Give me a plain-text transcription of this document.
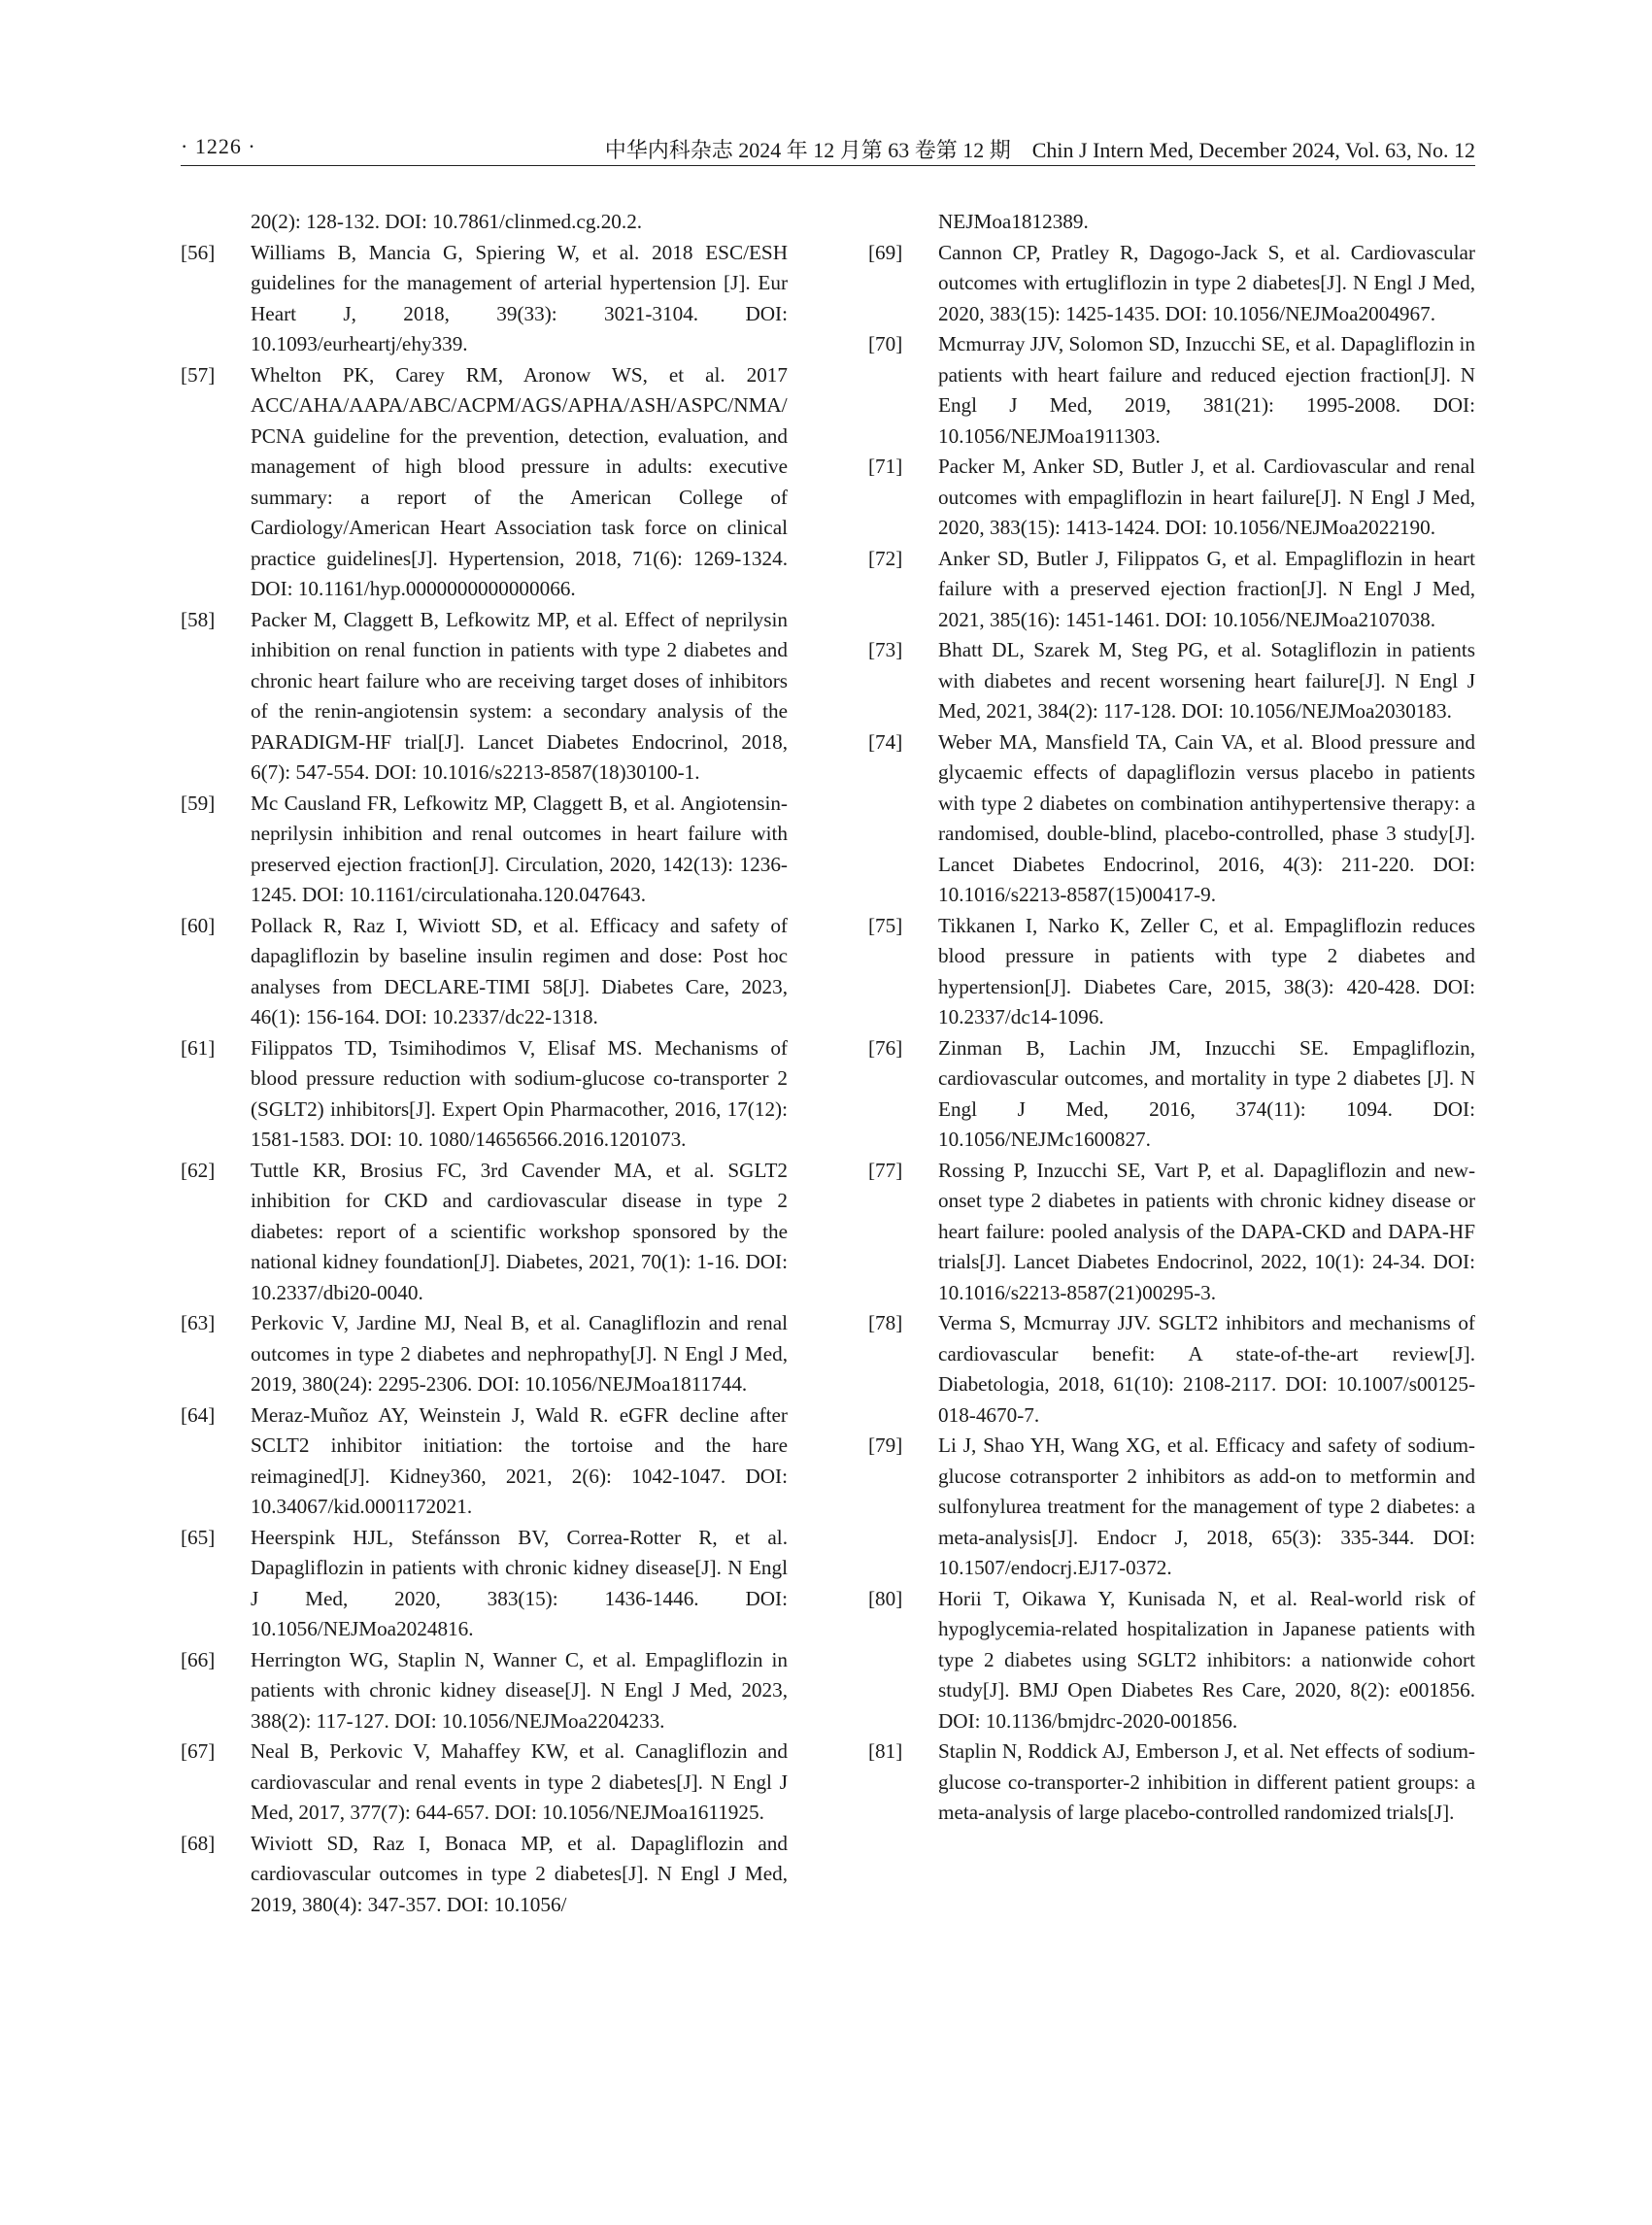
· 1226 ·	中华内科杂志 2024 年 12 月第 63 卷第 12 期　Chin J Intern Med, December 2024, Vol. 63, No. 12
20(2): 128-132. DOI: 10.7861/clinmed.cg.20.2.
[56]	Williams B, Mancia G, Spiering W, et al. 2018 ESC/ESH guidelines for the management of arterial hypertension [J]. Eur Heart J, 2018, 39(33): 3021-3104. DOI: 10.1093/eurheartj/ehy339.
[57]	Whelton PK, Carey RM, Aronow WS, et al. 2017 ACC/AHA/AAPA/ABC/ACPM/AGS/APHA/ASH/ASPC/NMA/PCNA guideline for the prevention, detection, evaluation, and management of high blood pressure in adults: executive summary: a report of the American College of Cardiology/American Heart Association task force on clinical practice guidelines[J]. Hypertension, 2018, 71(6): 1269-1324. DOI: 10.1161/hyp.0000000000000066.
[58]	Packer M, Claggett B, Lefkowitz MP, et al. Effect of neprilysin inhibition on renal function in patients with type 2 diabetes and chronic heart failure who are receiving target doses of inhibitors of the renin-angiotensin system: a secondary analysis of the PARADIGM-HF trial[J]. Lancet Diabetes Endocrinol, 2018, 6(7): 547-554. DOI: 10.1016/s2213-8587(18)30100-1.
[59]	Mc Causland FR, Lefkowitz MP, Claggett B, et al. Angiotensin-neprilysin inhibition and renal outcomes in heart failure with preserved ejection fraction[J]. Circulation, 2020, 142(13): 1236-1245. DOI: 10.1161/circulationaha.120.047643.
[60]	Pollack R, Raz I, Wiviott SD, et al. Efficacy and safety of dapagliflozin by baseline insulin regimen and dose: Post hoc analyses from DECLARE-TIMI 58[J]. Diabetes Care, 2023, 46(1): 156-164. DOI: 10.2337/dc22-1318.
[61]	Filippatos TD, Tsimihodimos V, Elisaf MS. Mechanisms of blood pressure reduction with sodium-glucose co-transporter 2 (SGLT2) inhibitors[J]. Expert Opin Pharmacother, 2016, 17(12): 1581-1583. DOI: 10. 1080/14656566.2016.1201073.
[62]	Tuttle KR, Brosius FC, 3rd Cavender MA, et al. SGLT2 inhibition for CKD and cardiovascular disease in type 2 diabetes: report of a scientific workshop sponsored by the national kidney foundation[J]. Diabetes, 2021, 70(1): 1-16. DOI: 10.2337/dbi20-0040.
[63]	Perkovic V, Jardine MJ, Neal B, et al. Canagliflozin and renal outcomes in type 2 diabetes and nephropathy[J]. N Engl J Med, 2019, 380(24): 2295-2306. DOI: 10.1056/NEJMoa1811744.
[64]	Meraz-Muñoz AY, Weinstein J, Wald R. eGFR decline after SCLT2 inhibitor initiation: the tortoise and the hare reimagined[J]. Kidney360, 2021, 2(6): 1042-1047. DOI: 10.34067/kid.0001172021.
[65]	Heerspink HJL, Stefánsson BV, Correa-Rotter R, et al. Dapagliflozin in patients with chronic kidney disease[J]. N Engl J Med, 2020, 383(15): 1436-1446. DOI: 10.1056/NEJMoa2024816.
[66]	Herrington WG, Staplin N, Wanner C, et al. Empagliflozin in patients with chronic kidney disease[J]. N Engl J Med, 2023, 388(2): 117-127. DOI: 10.1056/NEJMoa2204233.
[67]	Neal B, Perkovic V, Mahaffey KW, et al. Canagliflozin and cardiovascular and renal events in type 2 diabetes[J]. N Engl J Med, 2017, 377(7): 644-657. DOI: 10.1056/NEJMoa1611925.
[68]	Wiviott SD, Raz I, Bonaca MP, et al. Dapagliflozin and cardiovascular outcomes in type 2 diabetes[J]. N Engl J Med, 2019, 380(4): 347-357. DOI: 10.1056/
NEJMoa1812389.
[69]	Cannon CP, Pratley R, Dagogo-Jack S, et al. Cardiovascular outcomes with ertugliflozin in type 2 diabetes[J]. N Engl J Med, 2020, 383(15): 1425-1435. DOI: 10.1056/NEJMoa2004967.
[70]	Mcmurray JJV, Solomon SD, Inzucchi SE, et al. Dapagliflozin in patients with heart failure and reduced ejection fraction[J]. N Engl J Med, 2019, 381(21): 1995-2008. DOI: 10.1056/NEJMoa1911303.
[71]	Packer M, Anker SD, Butler J, et al. Cardiovascular and renal outcomes with empagliflozin in heart failure[J]. N Engl J Med, 2020, 383(15): 1413-1424. DOI: 10.1056/NEJMoa2022190.
[72]	Anker SD, Butler J, Filippatos G, et al. Empagliflozin in heart failure with a preserved ejection fraction[J]. N Engl J Med, 2021, 385(16): 1451-1461. DOI: 10.1056/NEJMoa2107038.
[73]	Bhatt DL, Szarek M, Steg PG, et al. Sotagliflozin in patients with diabetes and recent worsening heart failure[J]. N Engl J Med, 2021, 384(2): 117-128. DOI: 10.1056/NEJMoa2030183.
[74]	Weber MA, Mansfield TA, Cain VA, et al. Blood pressure and glycaemic effects of dapagliflozin versus placebo in patients with type 2 diabetes on combination antihypertensive therapy: a randomised, double-blind, placebo-controlled, phase 3 study[J]. Lancet Diabetes Endocrinol, 2016, 4(3): 211-220. DOI: 10.1016/s2213-8587(15)00417-9.
[75]	Tikkanen I, Narko K, Zeller C, et al. Empagliflozin reduces blood pressure in patients with type 2 diabetes and hypertension[J]. Diabetes Care, 2015, 38(3): 420-428. DOI: 10.2337/dc14-1096.
[76]	Zinman B, Lachin JM, Inzucchi SE. Empagliflozin, cardiovascular outcomes, and mortality in type 2 diabetes [J]. N Engl J Med, 2016, 374(11): 1094. DOI: 10.1056/NEJMc1600827.
[77]	Rossing P, Inzucchi SE, Vart P, et al. Dapagliflozin and new-onset type 2 diabetes in patients with chronic kidney disease or heart failure: pooled analysis of the DAPA-CKD and DAPA-HF trials[J]. Lancet Diabetes Endocrinol, 2022, 10(1): 24-34. DOI: 10.1016/s2213-8587(21)00295-3.
[78]	Verma S, Mcmurray JJV. SGLT2 inhibitors and mechanisms of cardiovascular benefit: A state-of-the-art review[J]. Diabetologia, 2018, 61(10): 2108-2117. DOI: 10.1007/s00125-018-4670-7.
[79]	Li J, Shao YH, Wang XG, et al. Efficacy and safety of sodium-glucose cotransporter 2 inhibitors as add-on to metformin and sulfonylurea treatment for the management of type 2 diabetes: a meta-analysis[J]. Endocr J, 2018, 65(3): 335-344. DOI: 10.1507/endocrj.EJ17-0372.
[80]	Horii T, Oikawa Y, Kunisada N, et al. Real-world risk of hypoglycemia-related hospitalization in Japanese patients with type 2 diabetes using SGLT2 inhibitors: a nationwide cohort study[J]. BMJ Open Diabetes Res Care, 2020, 8(2): e001856. DOI: 10.1136/bmjdrc-2020-001856.
[81]	Staplin N, Roddick AJ, Emberson J, et al. Net effects of sodium-glucose co-transporter-2 inhibition in different patient groups: a meta-analysis of large placebo-controlled randomized trials[J].
